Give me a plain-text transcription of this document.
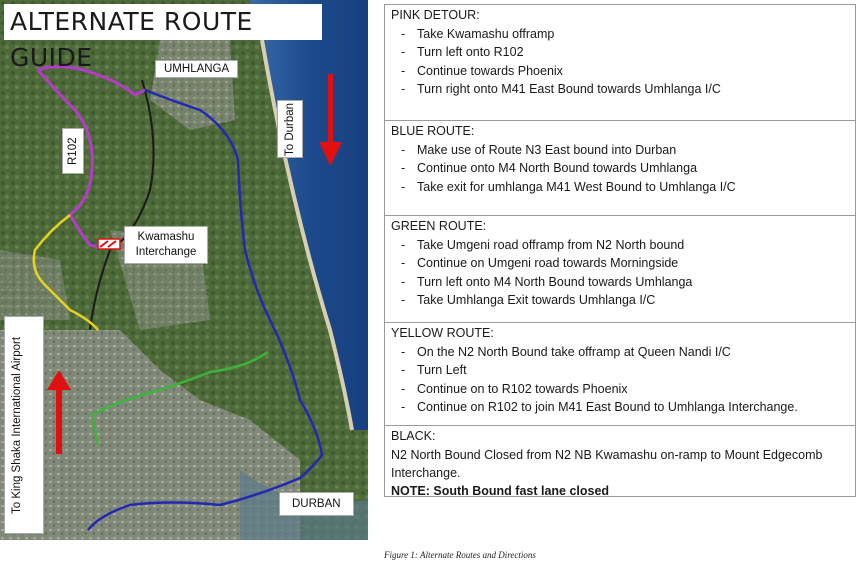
ALTERNATE ROUTE GUIDE	UMHLANGA
To Durban
R102
Kwamashu Interchange
To King Shaka International Airport	DURBAN
PINK DETOUR:
- Take Kwamashu offramp
- Turn left onto R102
- Continue towards Phoenix
- Turn right onto M41 East Bound towards Umhlanga I/C
BLUE ROUTE:
- Make use of Route N3 East bound into Durban
- Continue onto M4 North Bound towards Umhlanga
- Take exit for umhlanga M41 West Bound to Umhlanga I/C
GREEN ROUTE:
- Take Umgeni road offramp from N2 North bound
- Continue on Umgeni road towards Morningside
- Turn left onto M4 North Bound towards Umhlanga
- Take Umhlanga Exit towards Umhlanga I/C
YELLOW ROUTE:
- On the N2 North Bound take offramp at Queen Nandi I/C
- Turn Left
- Continue on to R102 towards Phoenix
- Continue on R102 to join M41 East Bound to Umhlanga Interchange.
BLACK:

N2 North Bound Closed from N2 NB Kwamashu on-ramp to Mount Edgecomb Interchange.

NOTE: South Bound fast lane closed

Figure 1: Alternate Routes and Directions
